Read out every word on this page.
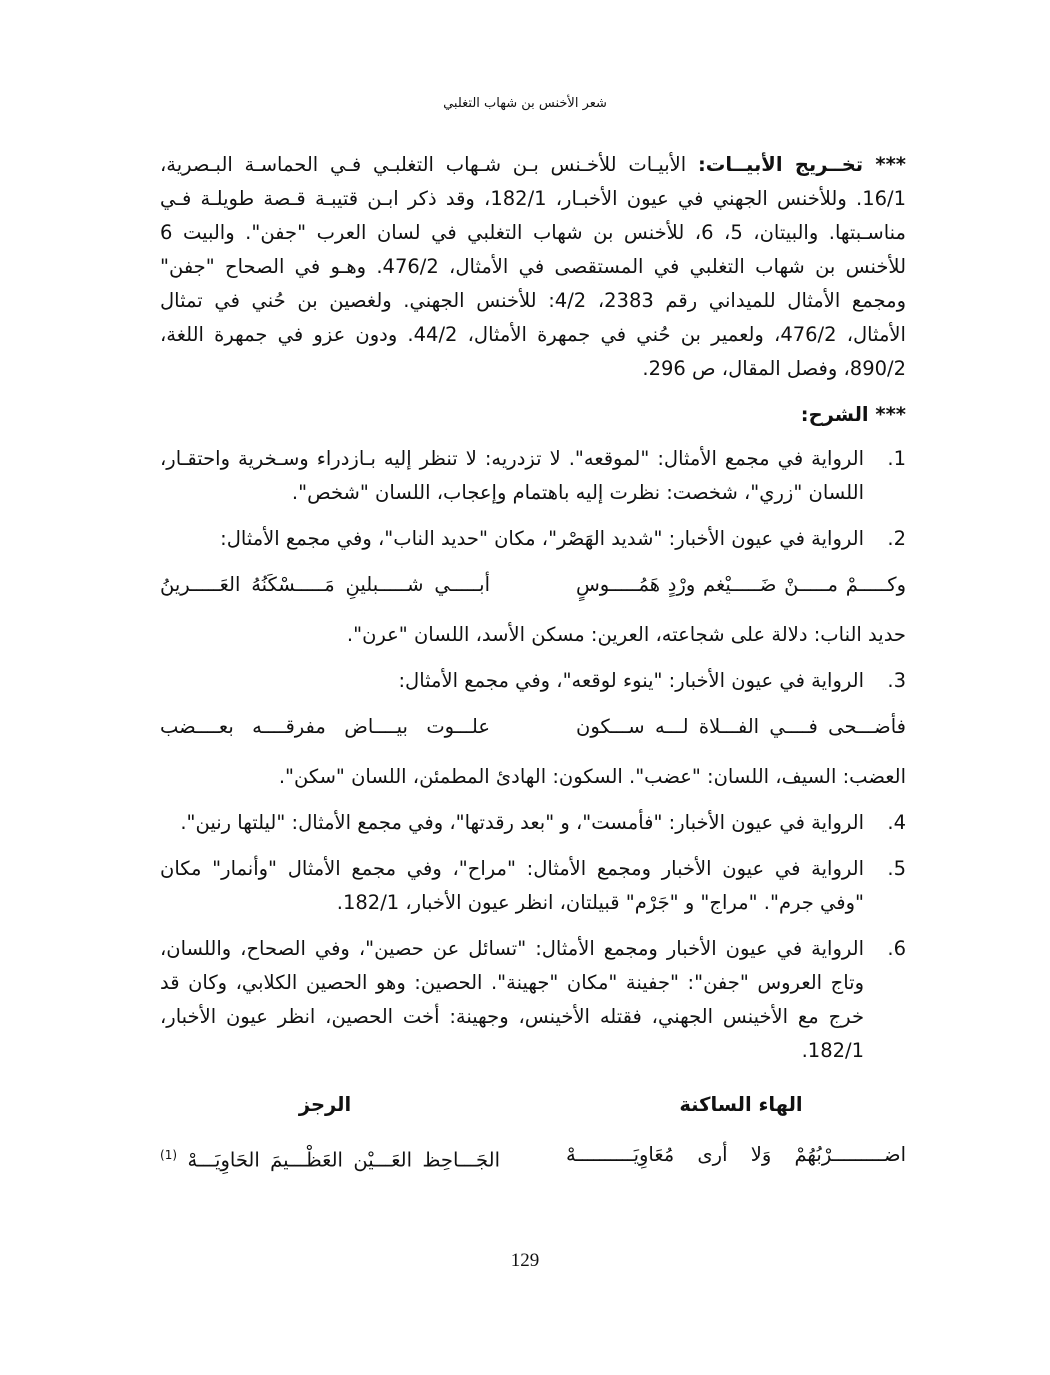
شعر الأخنس بن شهاب التغلبي

*** تخــريج الأبيــات: الأبيـات للأخـنس بـن شـهاب التغلبـي فـي الحماسـة البـصرية، 16/1. وللأخنس الجهني في عيون الأخبـار، 182/1، وقد ذكر ابـن قتيبـة قـصة طويلـة فـي مناسـبتها. والبيتان، 5، 6، للأخنس بن شهاب التغلبي في لسان العرب "جفن". والبيت 6 للأخنس بن شهاب التغلبي في المستقصى في الأمثال، 476/2. وهـو في الصحاح "جفن" ومجمع الأمثال للميداني رقم 2383، 4/2: للأخنس الجهني. ولغصين بن حُني في تمثال الأمثال، 476/2، ولعمير بن حُني في جمهرة الأمثال، 44/2. ودون عزو في جمهرة اللغة، 890/2، وفصل المقال، ص 296.

*** الشرح:
1.
الرواية في مجمع الأمثال: "لموقعه". لا تزدريه: لا تنظر إليه بـازدراء وسـخرية واحتقـار، اللسان "زري"، شخصت: نظرت إليه باهتمام وإعجاب، اللسان "شخص".
2.
الرواية في عيون الأخبار: "شديد الهَصْر"، مكان "حديد الناب"، وفي مجمع الأمثال:
وكـــــمْ مـــــنْ ضَـــــيْغم ورْدٍ هَمُـــــوسٍ
أبـــــي شـــــبلينِ مَـــــسْكَنُهُ العَـــــرينُ

حديد الناب: دلالة على شجاعته، العرين: مسكن الأسد، اللسان "عرن".

3.
الرواية في عيون الأخبار: "ينوء لوقعه"، وفي مجمع الأمثال:
فأضـــحى فــــي الفـــلاة لـــه ســـكون
علـــوت بيــــاض مفرقــــه بعــــضب

العضب: السيف، اللسان: "عضب". السكون: الهادئ المطمئن، اللسان "سكن".

4.
الرواية في عيون الأخبار: "فأمست"، و "بعد رقدتها"، وفي مجمع الأمثال: "ليلتها رنين".
5.
الرواية في عيون الأخبار ومجمع الأمثال: "مراح"، وفي مجمع الأمثال "وأنمار" مكان "وفي جرم". "مراج" و "جَرْم" قبيلتان، انظر عيون الأخبار، 182/1.
6.
الرواية في عيون الأخبار ومجمع الأمثال: "تسائل عن حصين"، وفي الصحاح، واللسان، وتاج العروس "جفن": "جفينة "مكان "جهينة". الحصين: وهو الحصين الكلابي، وكان قد خرج مع الأخينس الجهني، فقتله الأخينس، وجهينة: أخت الحصين، انظر عيون الأخبار، 182/1.
الهاء الساكنة
الرجز
اضـــــــــرْبُهُمْ وَلا أرى مُعَاوِيَــــــــــهْ
الجَـــاحِظ العَـــيْن العَظْـــيمَ الحَاوِيَـــهْ $^{(1)}$
129
